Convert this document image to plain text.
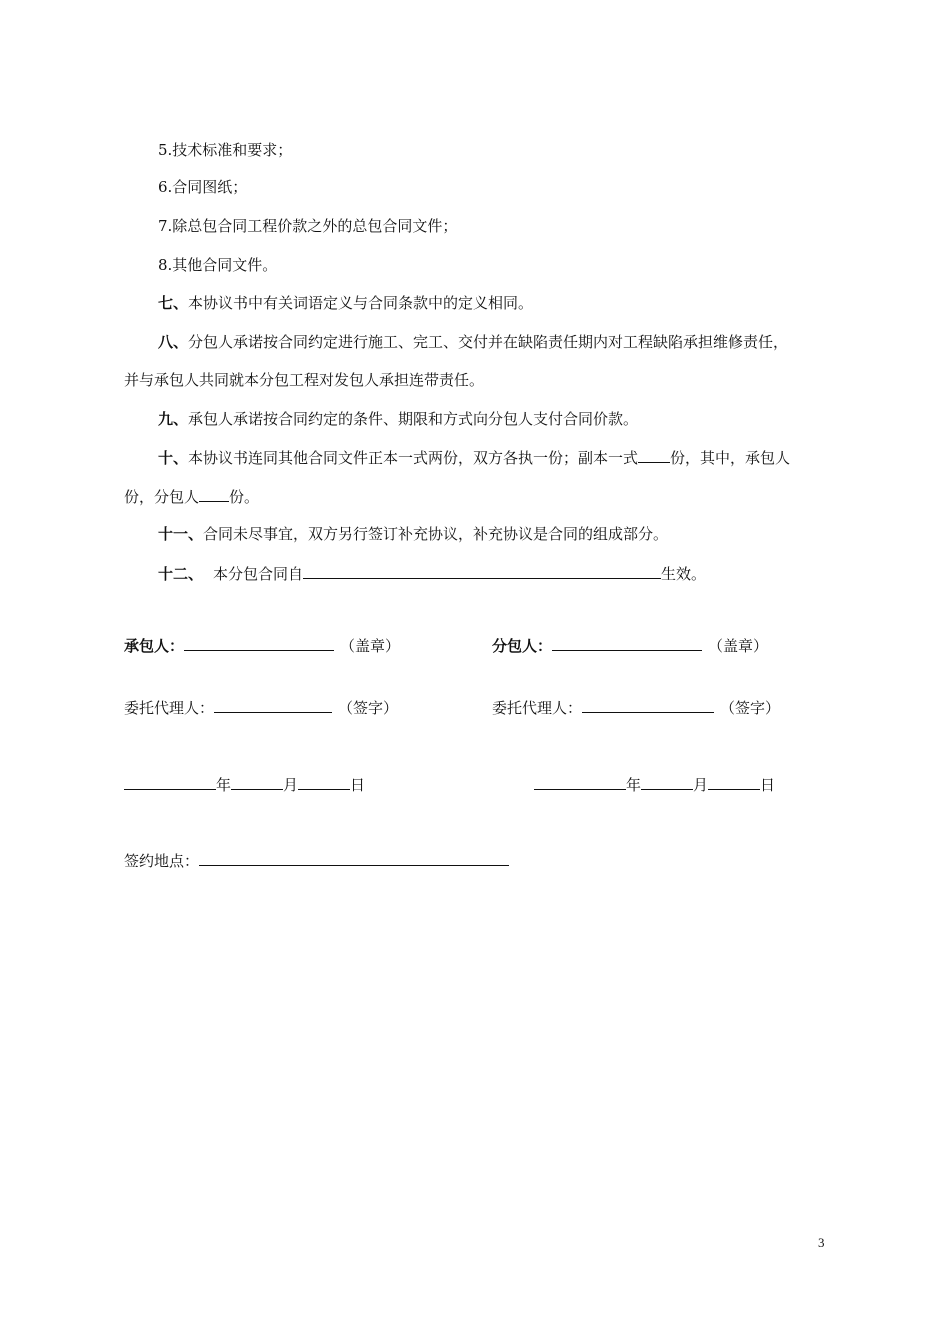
5.技术标准和要求；
6.合同图纸；
7.除总包合同工程价款之外的总包合同文件；
8.其他合同文件。
七、本协议书中有关词语定义与合同条款中的定义相同。
八、分包人承诺按合同约定进行施工、完工、交付并在缺陷责任期内对工程缺陷承担维修责任，
并与承包人共同就本分包工程对发包人承担连带责任。
九、承包人承诺按合同约定的条件、期限和方式向分包人支付合同价款。
十、本协议书连同其他合同文件正本一式两份，双方各执一份；副本一式 份，其中，承包人
份，分包人 份。
十一、合同未尽事宜，双方另行签订补充协议，补充协议是合同的组成部分。
十二、 本分包合同自	生效。
承包人：	（盖章）	分包人：	（盖章）
委托代理人：	（签字）	委托代理人：	（签字）
年	月	日	年	月	日
签约地点：
3
